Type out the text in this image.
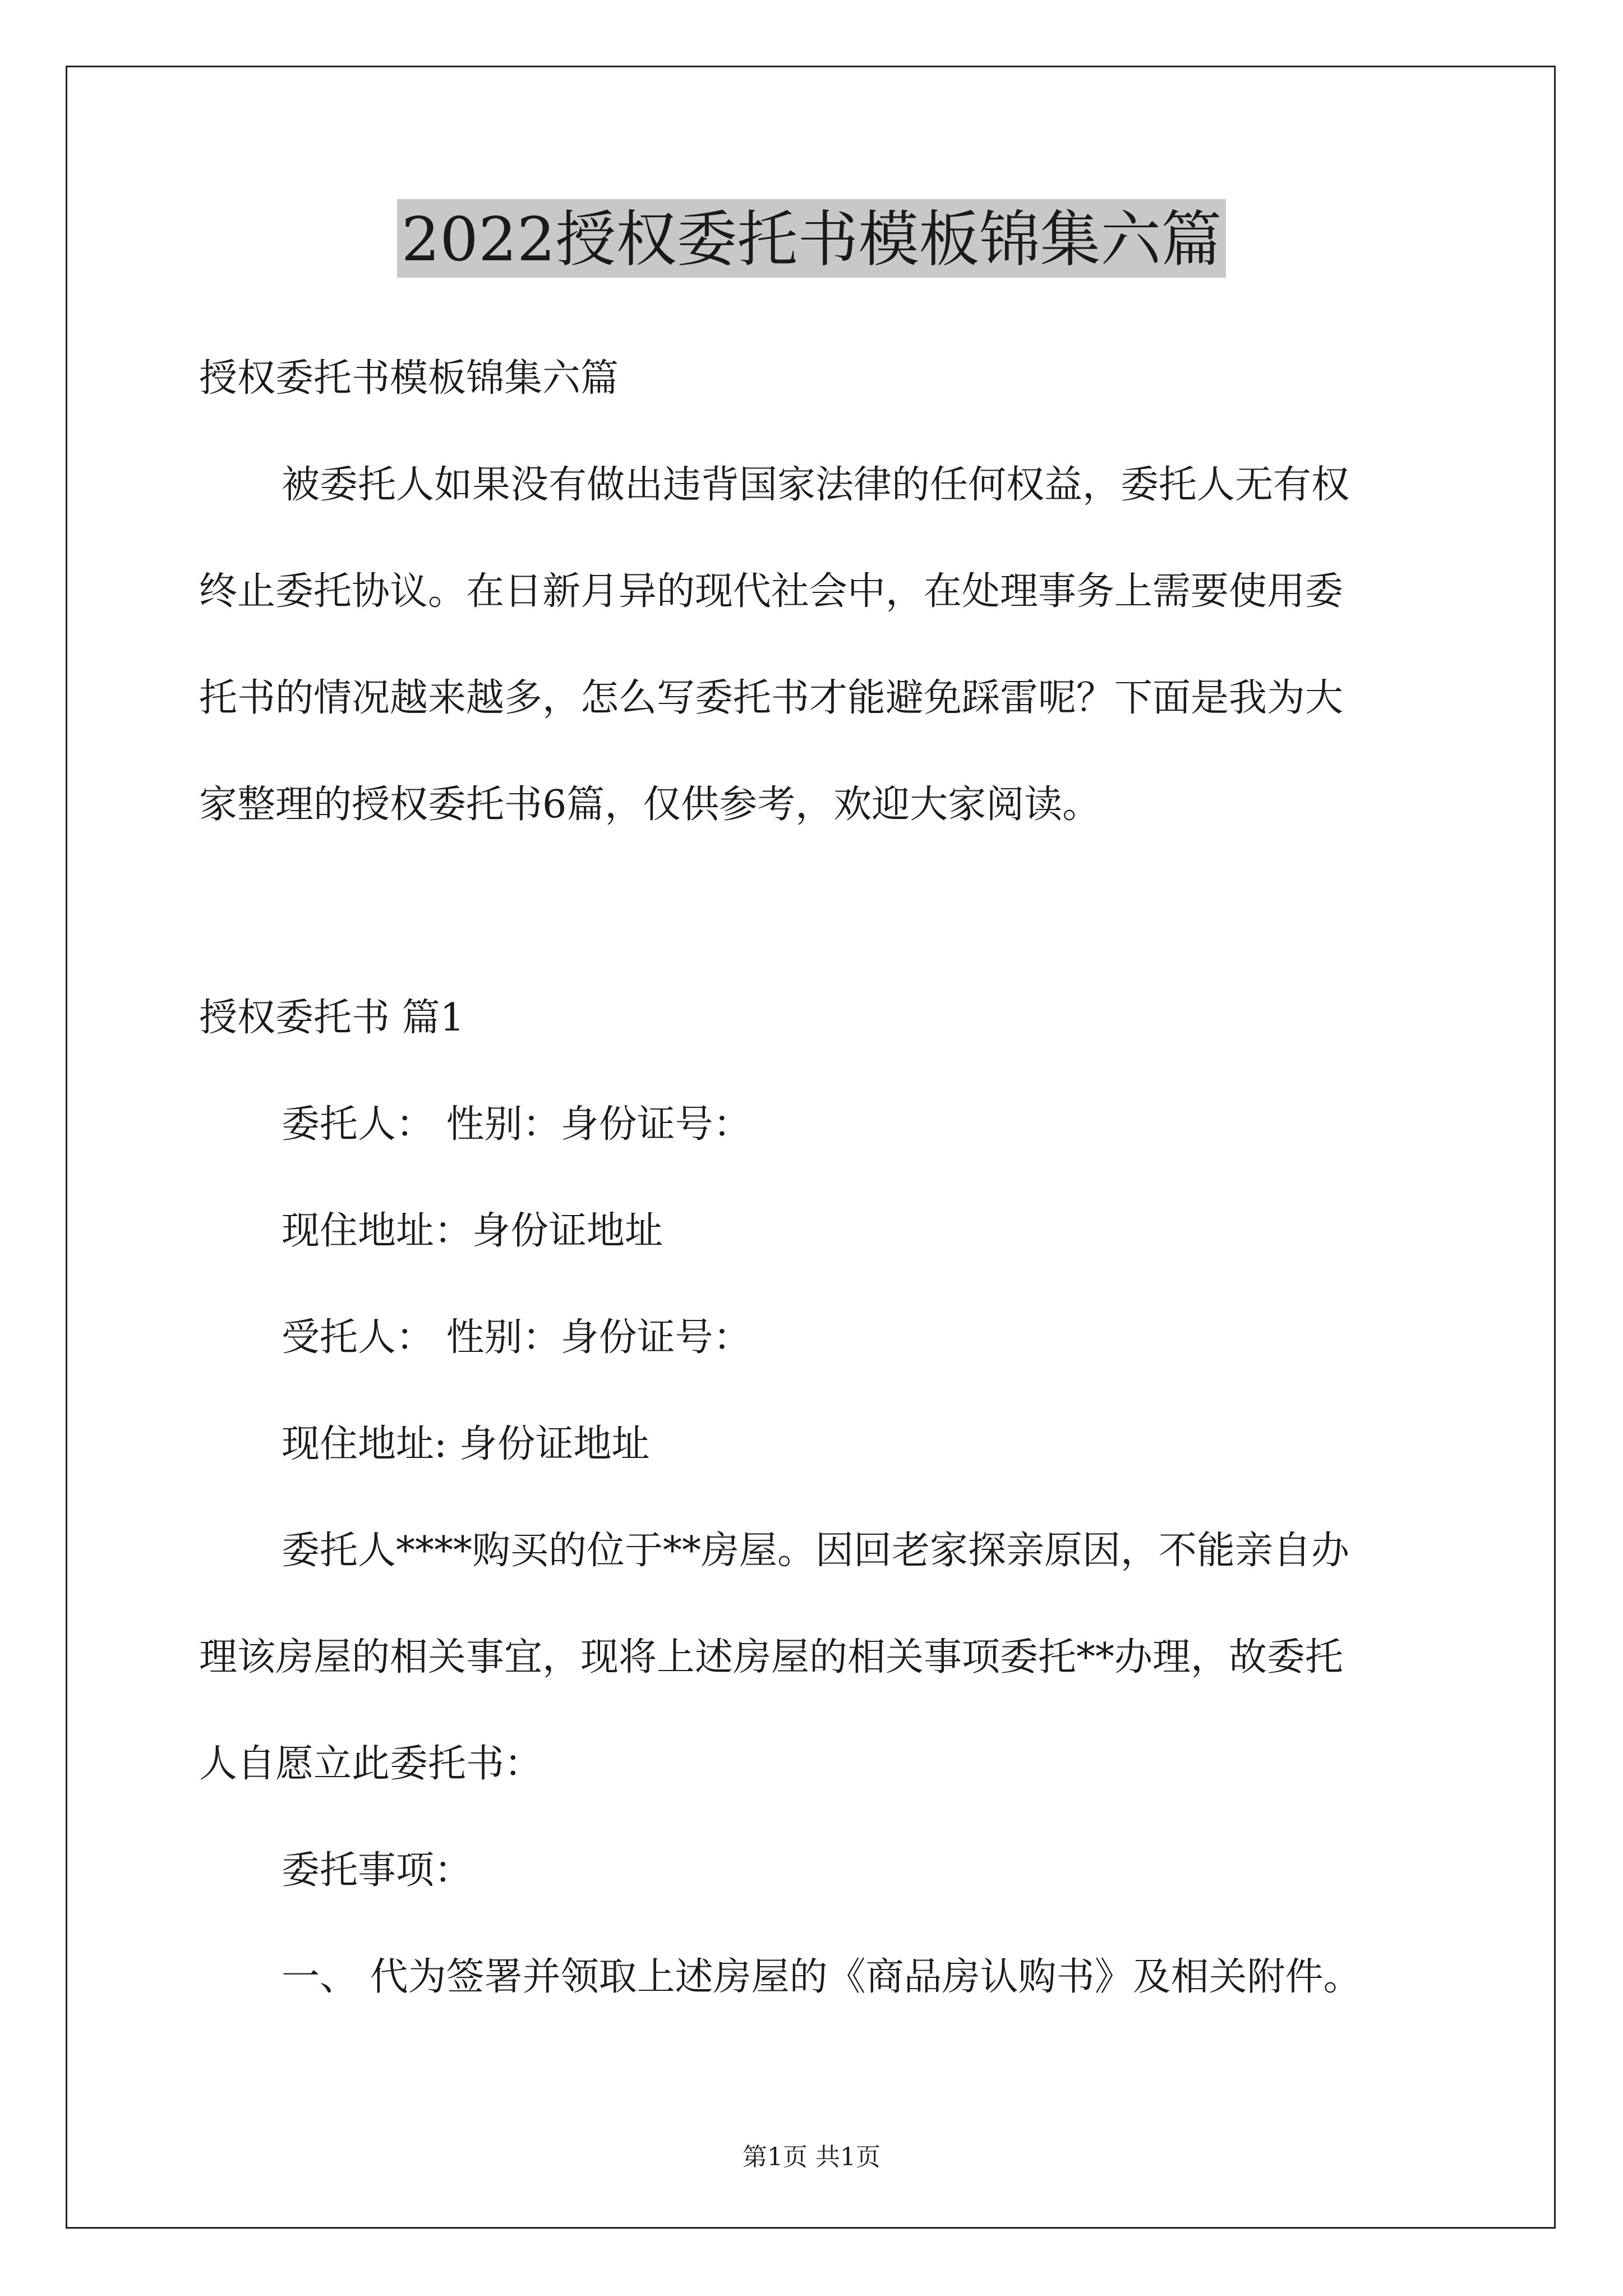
2022授权委托书模板锦集六篇
授权委托书模板锦集六篇
被委托人如果没有做出违背国家法律的任何权益，委托人无有权
终止委托协议。在日新月异的现代社会中，在处理事务上需要使用委
托书的情况越来越多，怎么写委托书才能避免踩雷呢？下面是我为大
家整理的授权委托书6篇，仅供参考，欢迎大家阅读。
授权委托书 篇1
委托人： 性别：身份证号：
现住地址：身份证地址
受托人： 性别：身份证号：
现住地址: 身份证地址
委托人****购买的位于**房屋。因回老家探亲原因，不能亲自办
理该房屋的相关事宜，现将上述房屋的相关事项委托**办理，故委托
人自愿立此委托书：
委托事项：
一、 代为签署并领取上述房屋的《商品房认购书》及相关附件。
第1页 共1页
